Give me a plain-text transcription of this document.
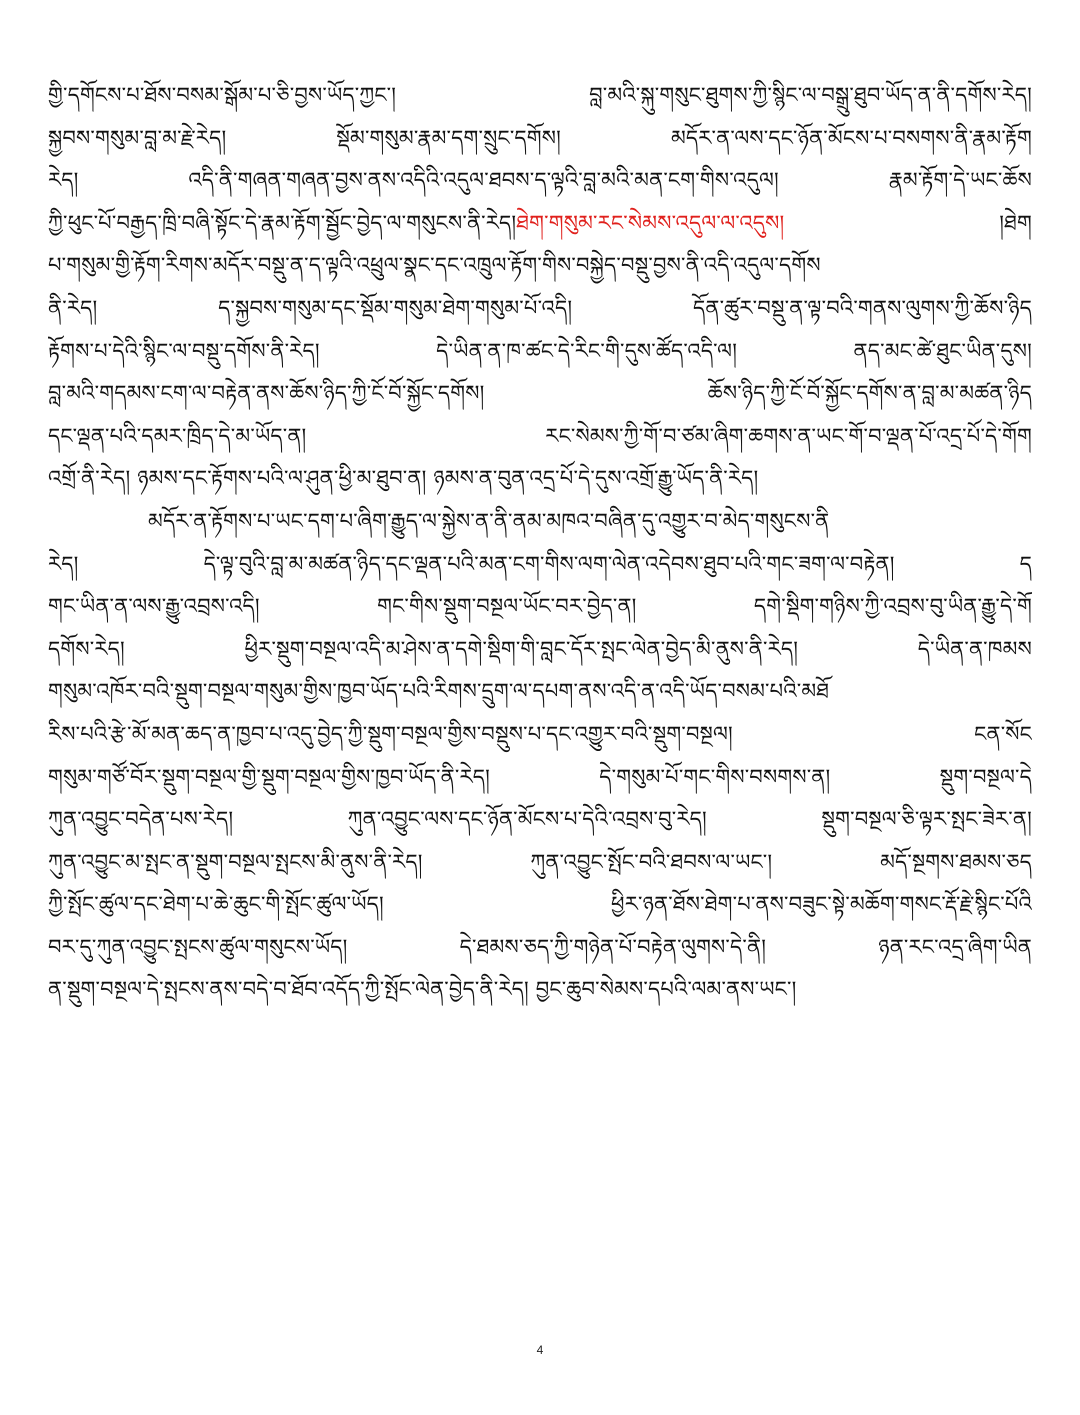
གྱི་དགོངས་པ་ཐོས་བསམ་སྒོམ་པ་ཅི་བྱས་ཡོད་ཀྱང་། བླ་མའི་སྐུ་གསུང་ཐུགས་ཀྱི་སྙིང་ལ་བསྒྲུ་ཐུབ་ཡོད་ན་ནི་དགོས་རེད།
སྐྱབས་གསུམ་བླ་མ་རྗེ་རེད། སྡོམ་གསུམ་རྣམ་དག་སྲུང་དགོས། མདོར་ན་ལས་དང་ཉོན་མོངས་པ་བསགས་ནི་རྣམ་རྟོག
རེད། འདི་ནི་གཞན་གཞན་བྱས་ནས་འདིའི་འདུལ་ཐབས་ད་ལྟའི་བླ་མའི་མན་ངག་གིས་འདུལ། རྣམ་རྟོག་དེ་ཡང་ཆོས
ཀྱི་ཕུང་པོ་བརྒྱད་ཁྲི་བཞི་སྟོང་དེ་རྣམ་རྟོག་སྦྱོང་བྱེད་ལ་གསུངས་ནི་རེད།ཐེག་གསུམ་རང་སེམས་འདུལ་ལ་འདུས། །ཐེག
པ་གསུམ་གྱི་རྟོག་རིགས་མདོར་བསྡུ་ན་ད་ལྟའི་འཕྲུལ་སྣང་དང་འཁྲུལ་རྟོག་གིས་བསྐྱེད་བསྡུ་བྱས་ནི་འདི་འདུལ་དགོས
ནི་རེད། ད་སྐྱབས་གསུམ་དང་སྡོམ་གསུམ་ཐེག་གསུམ་པོ་འདི། དོན་ཚུར་བསྡུ་ན་ལྟ་བའི་གནས་ལུགས་ཀྱི་ཆོས་ཉིད
རྟོགས་པ་དེའི་སྙིང་ལ་བསྡུ་དགོས་ནི་རེད། དེ་ཡིན་ན་ཁ་ཚང་དེ་རིང་གི་དུས་ཚོད་འདི་ལ། ནད་མང་ཚེ་ཐུང་ཡིན་དུས།
བླ་མའི་གདམས་ངག་ལ་བརྟེན་ནས་ཆོས་ཉིད་ཀྱི་ངོ་བོ་སྐྱོང་དགོས། ཆོས་ཉིད་ཀྱི་ངོ་བོ་སྐྱོང་དགོས་ན་བླ་མ་མཚན་ཉིད
དང་ལྡན་པའི་དམར་ཁྲིད་དེ་མ་ཡོད་ན། རང་སེམས་ཀྱི་གོ་བ་ཙམ་ཞིག་ཆགས་ན་ཡང་གོ་བ་ལྡན་པོ་འདྲ་པོ་དེ་གོག
འགྲོ་ནི་རེད། ཉམས་དང་རྟོགས་པའི་ལ་ཤུན་ཕྱི་མ་ཐུབ་ན། ཉམས་ན་བུན་འདྲ་པོ་དེ་དུས་འགྲོ་རྒྱུ་ཡོད་ནི་རེད།
མདོར་ན་རྟོགས་པ་ཡང་དག་པ་ཞིག་རྒྱུད་ལ་སྐྱེས་ན་ནི་ནམ་མཁའ་བཞིན་དུ་འགྱུར་བ་མེད་གསུངས་ནི
རེད། དེ་ལྟ་བུའི་བླ་མ་མཚན་ཉིད་དང་ལྡན་པའི་མན་ངག་གིས་ལག་ལེན་འདེབས་ཐུབ་པའི་གང་ཟག་ལ་བརྟེན། ད
གང་ཡིན་ན་ལས་རྒྱུ་འབྲས་འདི། གང་གིས་སྡུག་བསྔལ་ཡོང་བར་བྱེད་ན། དགེ་སྡིག་གཉིས་ཀྱི་འབྲས་བུ་ཡིན་རྒྱུ་དེ་གོ
དགོས་རེད། ཕྱིར་སྡུག་བསྔལ་འདི་མ་ཤེས་ན་དགེ་སྡིག་གི་བླང་དོར་སྤང་ལེན་བྱེད་མི་ནུས་ནི་རེད། དེ་ཡིན་ན་ཁམས
གསུམ་འཁོར་བའི་སྡུག་བསྔལ་གསུམ་གྱིས་ཁྱབ་ཡོད་པའི་རིགས་དྲུག་ལ་དཔག་ནས་འདི་ན་འདི་ཡོད་བསམ་པའི་མཐོ
རིས་པའི་རྩེ་མོ་མན་ཆད་ན་ཁྱབ་པ་འདུ་བྱེད་ཀྱི་སྡུག་བསྔལ་གྱིས་བསྡུས་པ་དང་འགྱུར་བའི་སྡུག་བསྔལ། ངན་སོང
གསུམ་གཙོ་བོར་སྡུག་བསྔལ་གྱི་སྡུག་བསྔལ་གྱིས་ཁྱབ་ཡོད་ནི་རེད། དེ་གསུམ་པོ་གང་གིས་བསགས་ན། སྡུག་བསྔལ་དེ
ཀུན་འབྱུང་བདེན་པས་རེད། ཀུན་འབྱུང་ལས་དང་ཉོན་མོངས་པ་དེའི་འབྲས་བུ་རེད། སྡུག་བསྔལ་ཅི་ལྟར་སྤང་ཟེར་ན།
ཀུན་འབྱུང་མ་སྤང་ན་སྡུག་བསྔལ་སྤངས་མི་ནུས་ནི་རེད། ཀུན་འབྱུང་སྤོང་བའི་ཐབས་ལ་ཡང་། མདོ་སྔགས་ཐམས་ཅད
ཀྱི་སྤོང་ཚུལ་དང་ཐེག་པ་ཆེ་ཆུང་གི་སྤོང་ཚུལ་ཡོད། ཕྱིར་ཉན་ཐོས་ཐེག་པ་ནས་བཟུང་སྟེ་མཆོག་གསང་རྡོ་རྗེ་སྙིང་པོའི
བར་དུ་ཀུན་འབྱུང་སྤངས་ཚུལ་གསུངས་ཡོད། དེ་ཐམས་ཅད་ཀྱི་གཉེན་པོ་བརྟེན་ལུགས་དེ་ནི། ཉན་རང་འདྲ་ཞིག་ཡིན
ན་སྡུག་བསྔལ་དེ་སྤངས་ནས་བདེ་བ་ཐོབ་འདོད་ཀྱི་སྤོང་ལེན་བྱེད་ནི་རེད། བྱང་ཆུབ་སེམས་དཔའི་ལམ་ནས་ཡང་།
4
